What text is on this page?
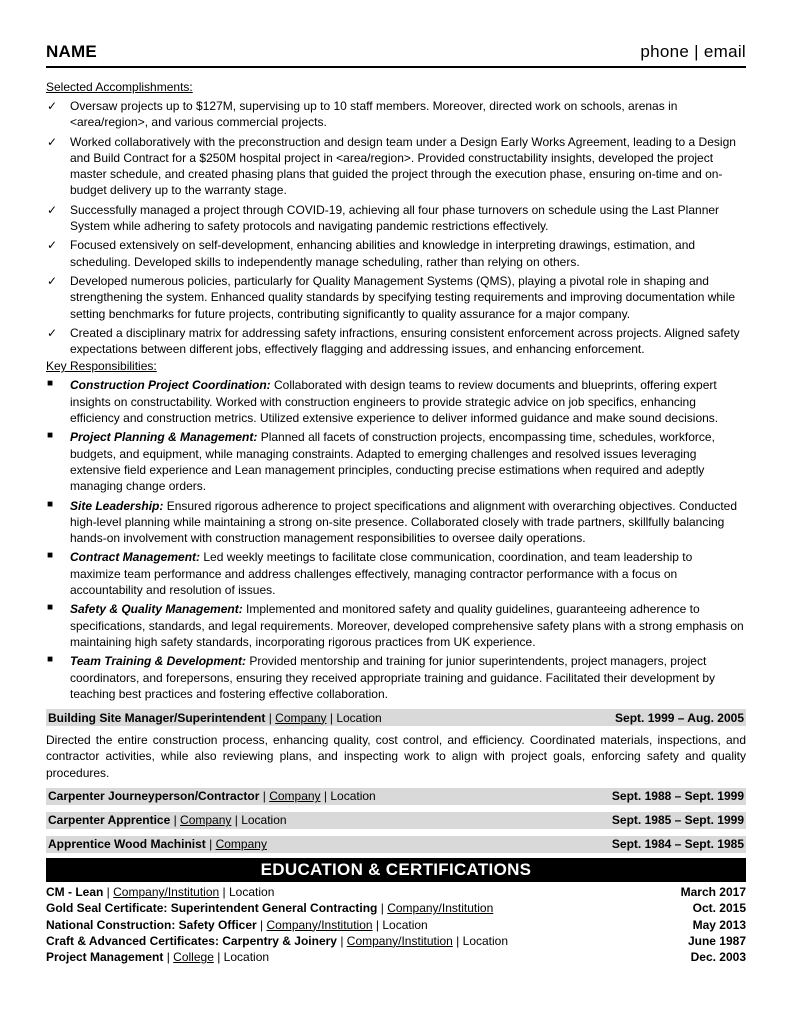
NAME	phone | email
Selected Accomplishments:
✓ Oversaw projects up to $127M, supervising up to 10 staff members. Moreover, directed work on schools, arenas in <area/region>, and various commercial projects.
✓ Worked collaboratively with the preconstruction and design team under a Design Early Works Agreement, leading to a Design and Build Contract for a $250M hospital project in <area/region>. Provided constructability insights, developed the project master schedule, and created phasing plans that guided the project through the execution phase, ensuring on-time and on-budget delivery up to the warranty stage.
✓ Successfully managed a project through COVID-19, achieving all four phase turnovers on schedule using the Last Planner System while adhering to safety protocols and navigating pandemic restrictions effectively.
✓ Focused extensively on self-development, enhancing abilities and knowledge in interpreting drawings, estimation, and scheduling. Developed skills to independently manage scheduling, rather than relying on others.
✓ Developed numerous policies, particularly for Quality Management Systems (QMS), playing a pivotal role in shaping and strengthening the system. Enhanced quality standards by specifying testing requirements and improving documentation while setting benchmarks for future projects, contributing significantly to quality assurance for a major company.
✓ Created a disciplinary matrix for addressing safety infractions, ensuring consistent enforcement across projects. Aligned safety expectations between different jobs, effectively flagging and addressing issues, and enhancing enforcement.
Key Responsibilities:
■ Construction Project Coordination: Collaborated with design teams to review documents and blueprints, offering expert insights on constructability. Worked with construction engineers to provide strategic advice on job specifics, enhancing efficiency and construction metrics. Utilized extensive experience to deliver informed guidance and make sound decisions.
■ Project Planning & Management: Planned all facets of construction projects, encompassing time, schedules, workforce, budgets, and equipment, while managing constraints. Adapted to emerging challenges and resolved issues leveraging extensive field experience and Lean management principles, conducting precise estimations when required and adeptly managing change orders.
■ Site Leadership: Ensured rigorous adherence to project specifications and alignment with overarching objectives. Conducted high-level planning while maintaining a strong on-site presence. Collaborated closely with trade partners, skillfully balancing hands-on involvement with construction management responsibilities to oversee daily operations.
■ Contract Management: Led weekly meetings to facilitate close communication, coordination, and team leadership to maximize team performance and address challenges effectively, managing contractor performance with a focus on accountability and resolution of issues.
■ Safety & Quality Management: Implemented and monitored safety and quality guidelines, guaranteeing adherence to specifications, standards, and legal requirements. Moreover, developed comprehensive safety plans with a strong emphasis on maintaining high safety standards, incorporating rigorous practices from UK experience.
■ Team Training & Development: Provided mentorship and training for junior superintendents, project managers, project coordinators, and forepersons, ensuring they received appropriate training and guidance. Facilitated their development by teaching best practices and fostering effective collaboration.
Building Site Manager/Superintendent | Company | Location	Sept. 1999 – Aug. 2005
Directed the entire construction process, enhancing quality, cost control, and efficiency. Coordinated materials, inspections, and contractor activities, while also reviewing plans, and inspecting work to align with project goals, enforcing safety and quality procedures.
Carpenter Journeyperson/Contractor | Company | Location	Sept. 1988 – Sept. 1999
Carpenter Apprentice | Company | Location	Sept. 1985 – Sept. 1999
Apprentice Wood Machinist | Company	Sept. 1984 – Sept. 1985
EDUCATION & CERTIFICATIONS
CM - Lean | Company/Institution | Location	March 2017
Gold Seal Certificate: Superintendent General Contracting | Company/Institution	Oct. 2015
National Construction: Safety Officer | Company/Institution | Location	May 2013
Craft & Advanced Certificates: Carpentry & Joinery | Company/Institution | Location	June 1987
Project Management | College | Location	Dec. 2003
